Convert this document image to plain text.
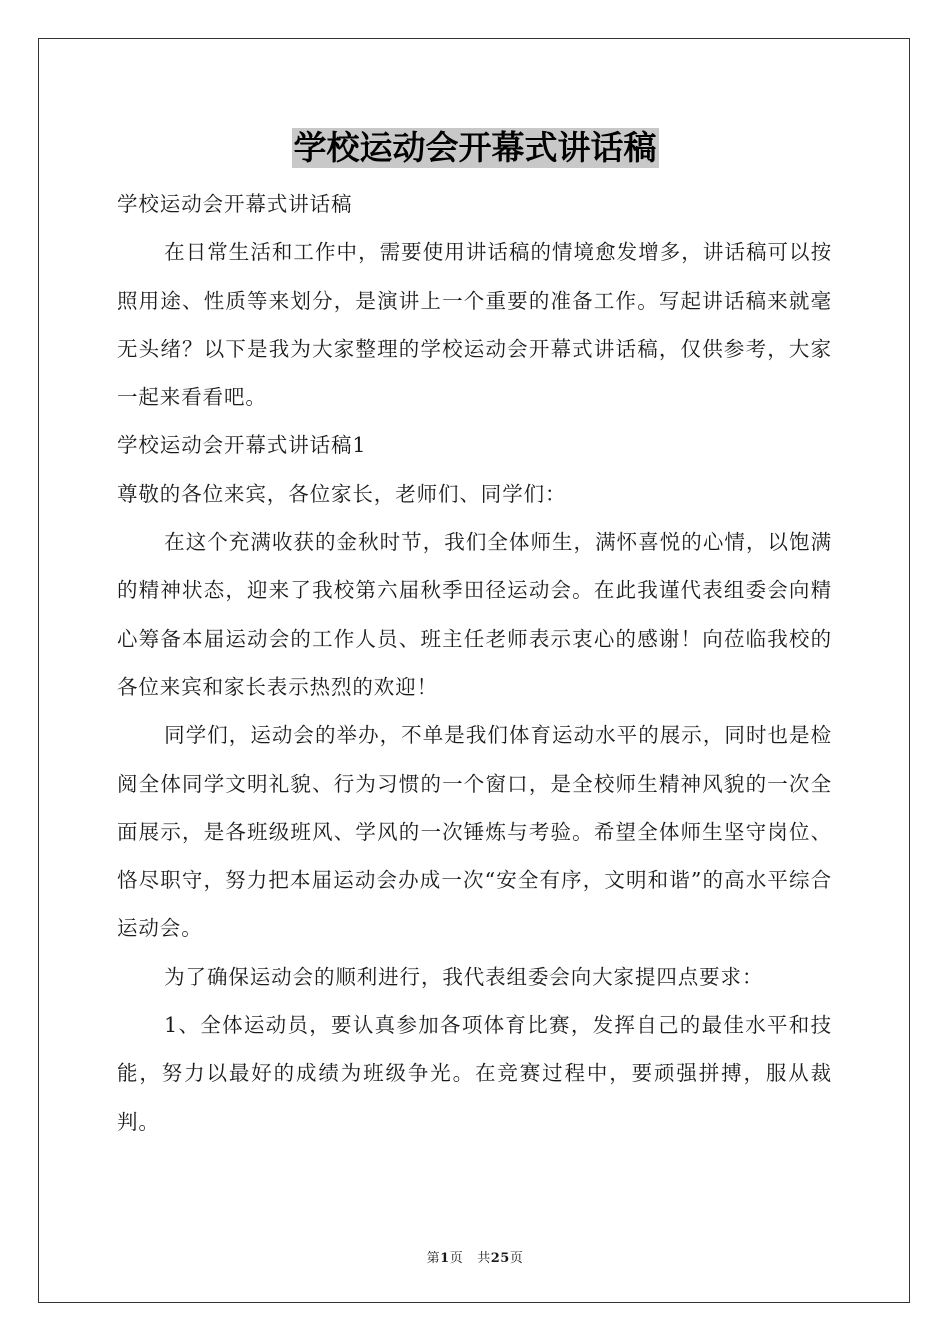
学校运动会开幕式讲话稿

学校运动会开幕式讲话稿

在日常生活和工作中，需要使用讲话稿的情境愈发增多，讲话稿可以按照用途、性质等来划分，是演讲上一个重要的准备工作。写起讲话稿来就毫无头绪？以下是我为大家整理的学校运动会开幕式讲话稿，仅供参考，大家一起来看看吧。

学校运动会开幕式讲话稿1

尊敬的各位来宾，各位家长，老师们、同学们：

在这个充满收获的金秋时节，我们全体师生，满怀喜悦的心情，以饱满的精神状态，迎来了我校第六届秋季田径运动会。在此我谨代表组委会向精心筹备本届运动会的工作人员、班主任老师表示衷心的感谢！向莅临我校的各位来宾和家长表示热烈的欢迎！

同学们，运动会的举办，不单是我们体育运动水平的展示，同时也是检阅全体同学文明礼貌、行为习惯的一个窗口，是全校师生精神风貌的一次全面展示，是各班级班风、学风的一次锤炼与考验。希望全体师生坚守岗位、恪尽职守，努力把本届运动会办成一次“安全有序，文明和谐”的高水平综合运动会。

为了确保运动会的顺利进行，我代表组委会向大家提四点要求：

1、全体运动员，要认真参加各项体育比赛，发挥自己的最佳水平和技能，努力以最好的成绩为班级争光。在竞赛过程中，要顽强拼搏，服从裁判。

第1页 共25页
